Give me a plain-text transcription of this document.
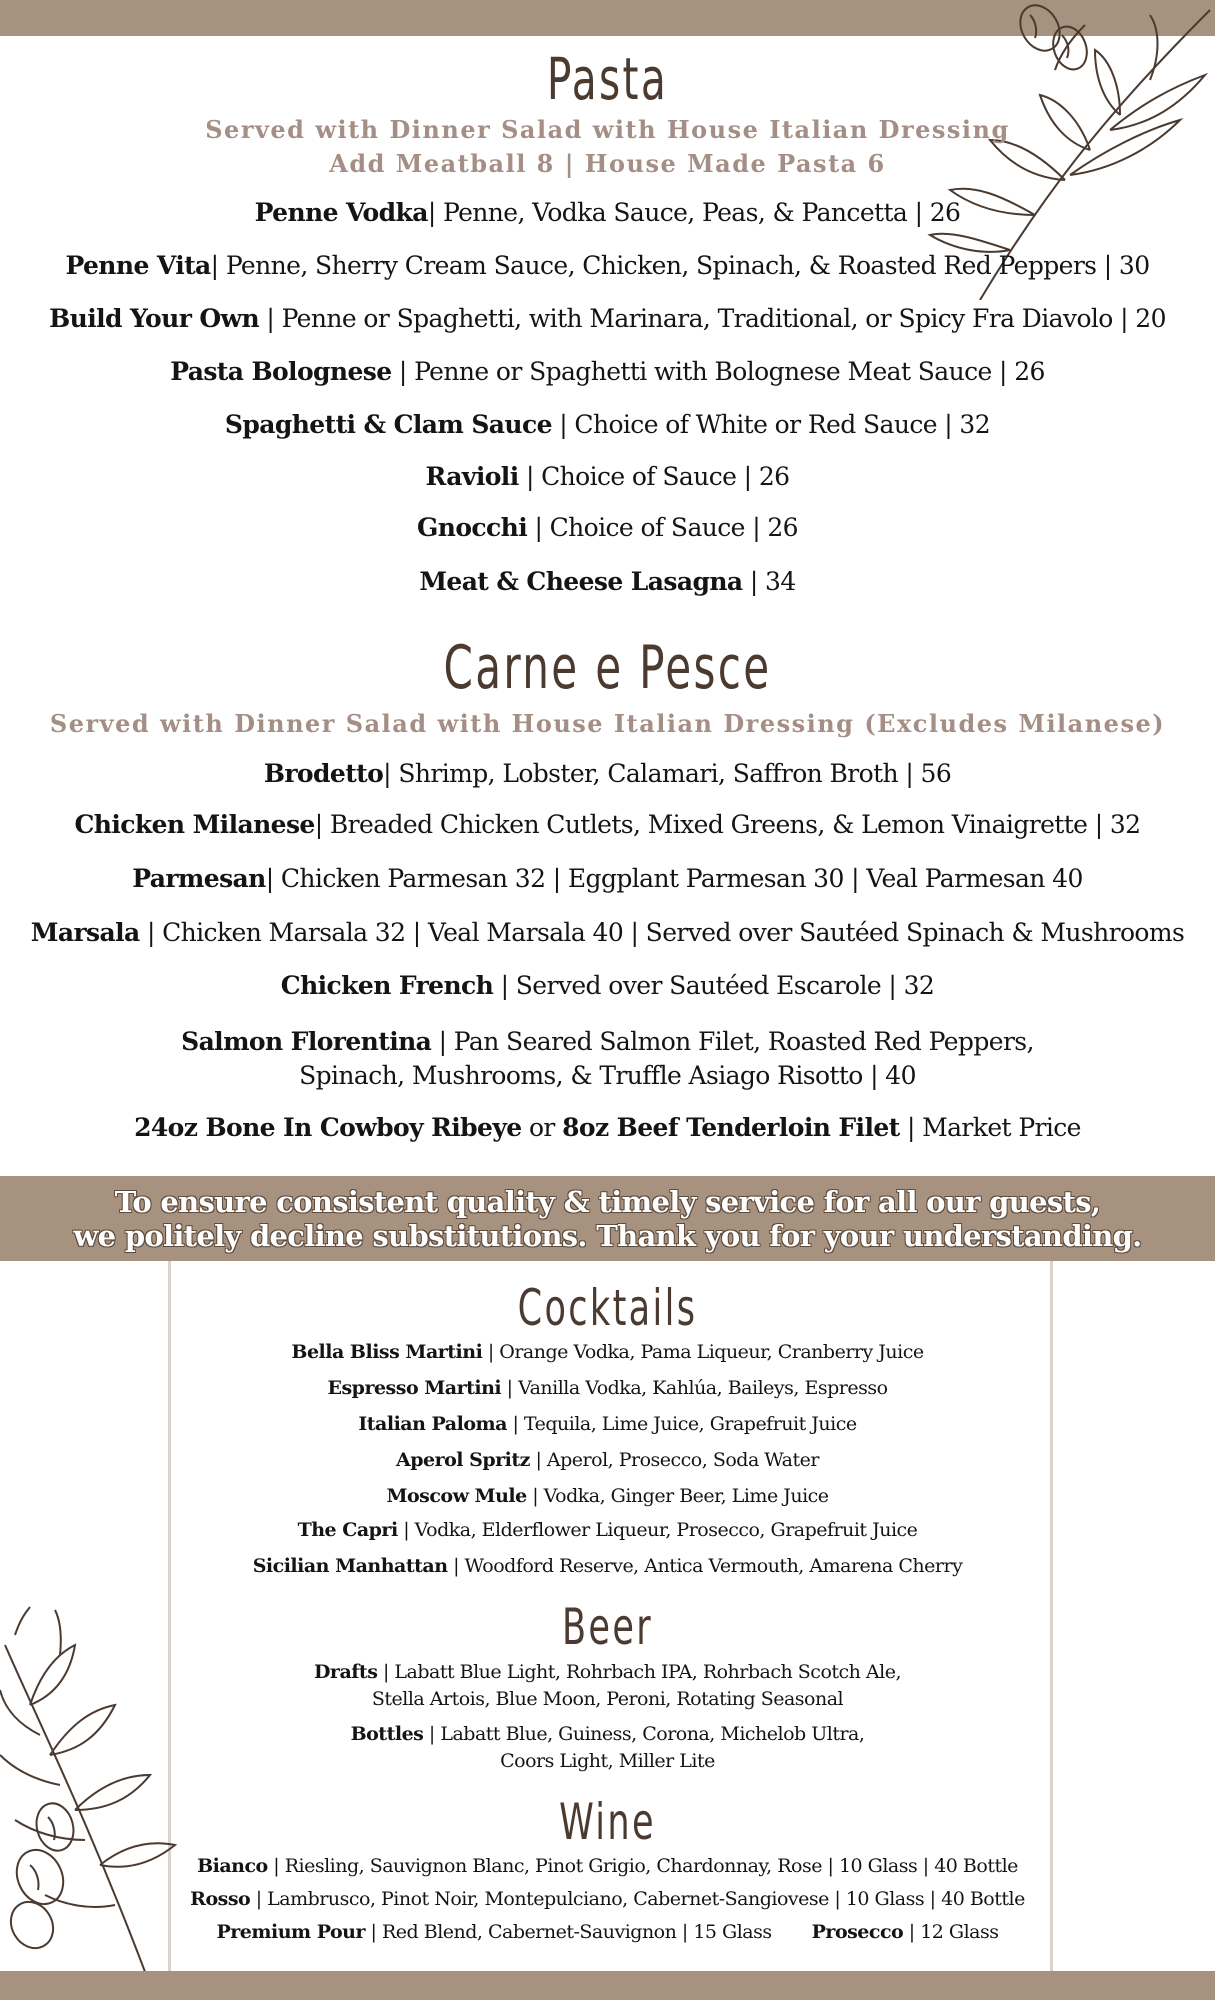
Pasta
Served with Dinner Salad with House Italian Dressing
Add Meatball 8 | House Made Pasta 6
Penne Vodka| Penne, Vodka Sauce, Peas, & Pancetta | 26
Penne Vita| Penne, Sherry Cream Sauce, Chicken, Spinach, & Roasted Red Peppers | 30
Build Your Own | Penne or Spaghetti, with Marinara, Traditional, or Spicy Fra Diavolo | 20
Pasta Bolognese | Penne or Spaghetti with Bolognese Meat Sauce | 26
Spaghetti & Clam Sauce | Choice of White or Red Sauce | 32
Ravioli | Choice of Sauce | 26
Gnocchi | Choice of Sauce | 26
Meat & Cheese Lasagna | 34
Carne e Pesce
Served with Dinner Salad with House Italian Dressing (Excludes Milanese)
Brodetto| Shrimp, Lobster, Calamari, Saffron Broth | 56
Chicken Milanese| Breaded Chicken Cutlets, Mixed Greens, & Lemon Vinaigrette | 32
Parmesan| Chicken Parmesan 32 | Eggplant Parmesan 30 | Veal Parmesan 40
Marsala | Chicken Marsala 32 | Veal Marsala 40 | Served over Sautéed Spinach & Mushrooms
Chicken French | Served over Sautéed Escarole | 32
Salmon Florentina | Pan Seared Salmon Filet, Roasted Red Peppers,
Spinach, Mushrooms, & Truffle Asiago Risotto | 40
24oz Bone In Cowboy Ribeye or 8oz Beef Tenderloin Filet | Market Price
To ensure consistent quality & timely service for all our guests,
we politely decline substitutions. Thank you for your understanding.
Cocktails
Bella Bliss Martini | Orange Vodka, Pama Liqueur, Cranberry Juice
Espresso Martini | Vanilla Vodka, Kahlúa, Baileys, Espresso
Italian Paloma | Tequila, Lime Juice, Grapefruit Juice
Aperol Spritz | Aperol, Prosecco, Soda Water
Moscow Mule | Vodka, Ginger Beer, Lime Juice
The Capri | Vodka, Elderflower Liqueur, Prosecco, Grapefruit Juice
Sicilian Manhattan | Woodford Reserve, Antica Vermouth, Amarena Cherry
Beer
Drafts | Labatt Blue Light, Rohrbach IPA, Rohrbach Scotch Ale,
Stella Artois, Blue Moon, Peroni, Rotating Seasonal
Bottles | Labatt Blue, Guiness, Corona, Michelob Ultra,
Coors Light, Miller Lite
Wine
Bianco | Riesling, Sauvignon Blanc, Pinot Grigio, Chardonnay, Rose | 10 Glass | 40 Bottle
Rosso | Lambrusco, Pinot Noir, Montepulciano, Cabernet-Sangiovese | 10 Glass | 40 Bottle
Premium Pour | Red Blend, Cabernet-Sauvignon | 15 Glass Prosecco | 12 Glass
